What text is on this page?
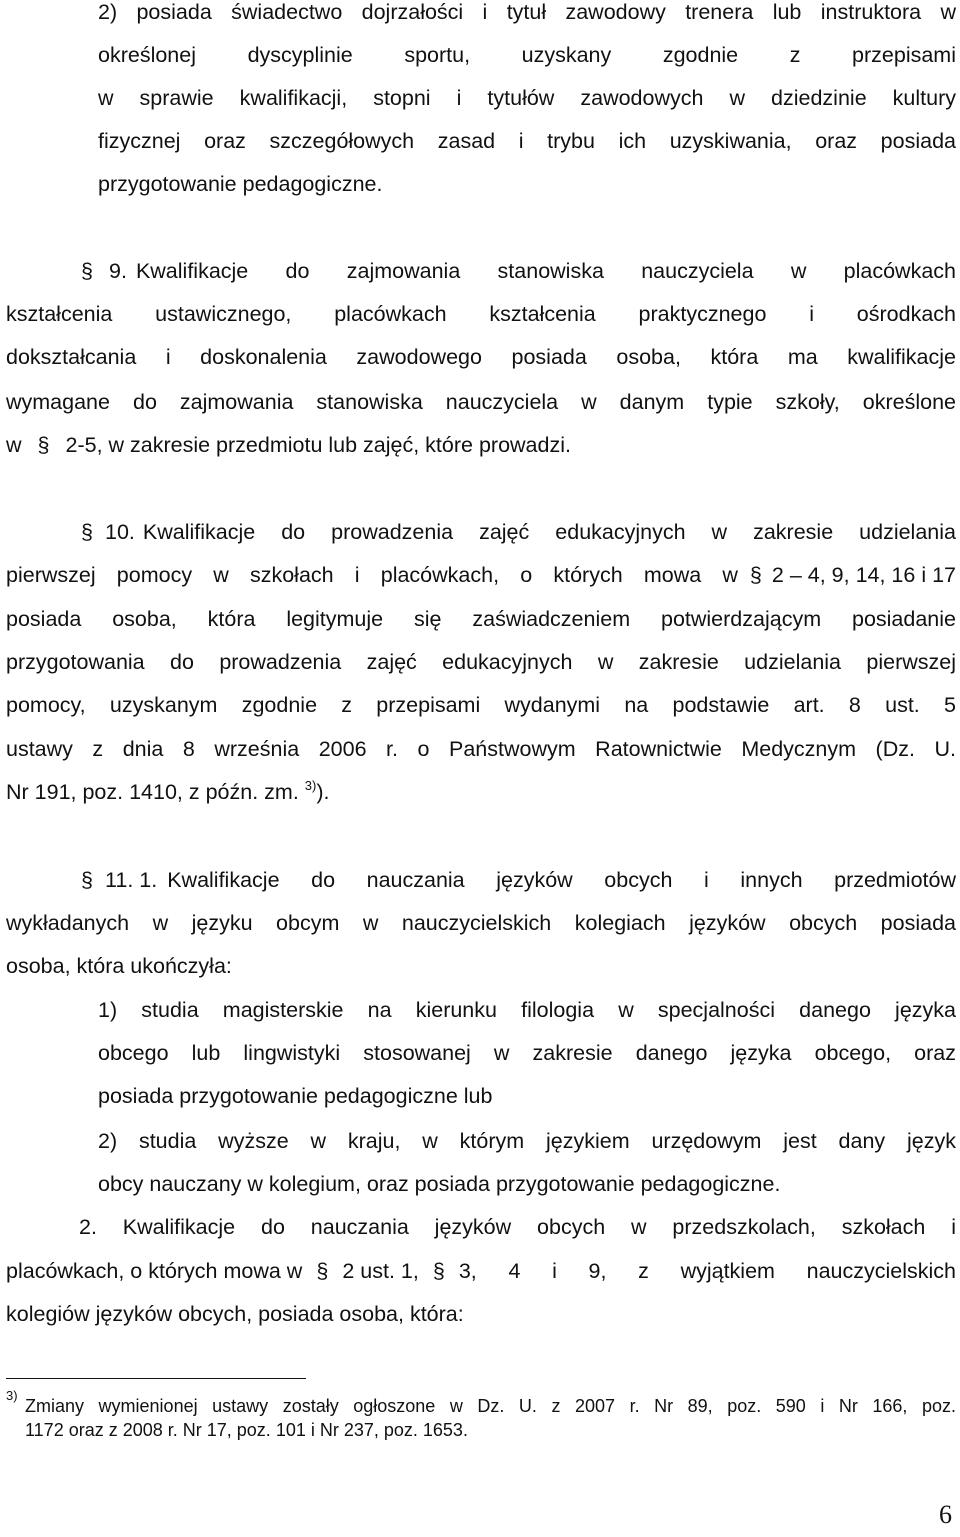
2) posiada świadectwo dojrzałości i tytuł zawodowy trenera lub instruktora w
określonej dyscyplinie sportu, uzyskany zgodnie z przepisami
w sprawie kwalifikacji, stopni i tytułów zawodowych w dziedzinie kultury
fizycznej oraz szczegółowych zasad i trybu ich uzyskiwania, oraz posiada
przygotowanie pedagogiczne.
§ 9. Kwalifikacje do zajmowania stanowiska nauczyciela w placówkach
kształcenia ustawicznego, placówkach kształcenia praktycznego i ośrodkach
dokształcania i doskonalenia zawodowego posiada osoba, która ma kwalifikacje
wymagane do zajmowania stanowiska nauczyciela w danym typie szkoły, określone
w § 2-5, w zakresie przedmiotu lub zajęć, które prowadzi.
§ 10. Kwalifikacje do prowadzenia zajęć edukacyjnych w zakresie udzielania
pierwszej pomocy w szkołach i placówkach, o których mowa w § 2 – 4, 9, 14, 16 i 17
posiada osoba, która legitymuje się zaświadczeniem potwierdzającym posiadanie
przygotowania do prowadzenia zajęć edukacyjnych w zakresie udzielania pierwszej
pomocy, uzyskanym zgodnie z przepisami wydanymi na podstawie art. 8 ust. 5
ustawy z dnia 8 września 2006 r. o Państwowym Ratownictwie Medycznym (Dz. U.
Nr 191, poz. 1410, z późn. zm. $^{3)}$).
§ 11. 1. Kwalifikacje do nauczania języków obcych i innych przedmiotów
wykładanych w języku obcym w nauczycielskich kolegiach języków obcych posiada
osoba, która ukończyła:
1) studia magisterskie na kierunku filologia w specjalności danego języka
obcego lub lingwistyki stosowanej w zakresie danego języka obcego, oraz
posiada przygotowanie pedagogiczne lub
2) studia wyższe w kraju, w którym językiem urzędowym jest dany język
obcy nauczany w kolegium, oraz posiada przygotowanie pedagogiczne.
2. Kwalifikacje do nauczania języków obcych w przedszkolach, szkołach i
placówkach, o których mowa w § 2 ust. 1, § 3, 4 i 9, z wyjątkiem nauczycielskich
kolegiów języków obcych, posiada osoba, która:
3)
Zmiany wymienionej ustawy zostały ogłoszone w Dz. U. z 2007 r. Nr 89, poz. 590 i Nr 166, poz.
1172 oraz z 2008 r. Nr 17, poz. 101 i Nr 237, poz. 1653.
6
